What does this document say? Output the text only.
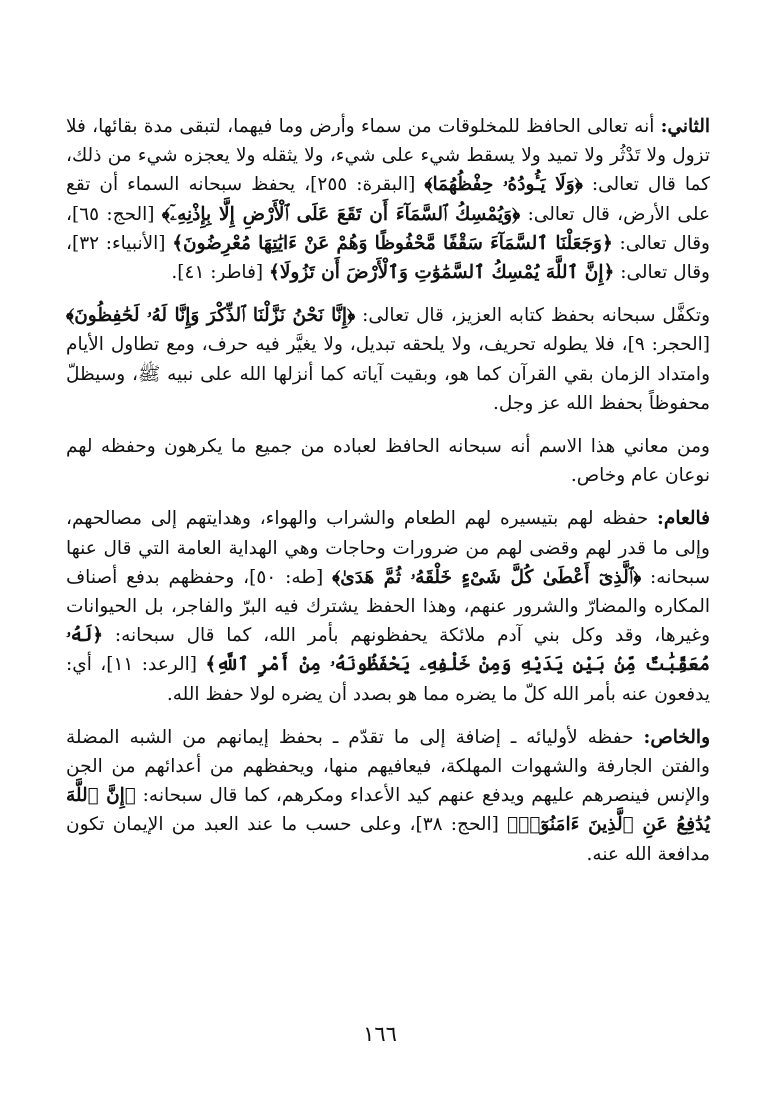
الثاني: أنه تعالى الحافظ للمخلوقات من سماء وأرض وما فيهما، لتبقى مدة بقائها، فلا تزول ولا تَدْثُر ولا تميد ولا يسقط شيء على شيء، ولا يثقله ولا يعجزه شيء من ذلك، كما قال تعالى: ﴿وَلَا يَـُٔودُهُۥ حِفْظُهُمَا﴾ [البقرة: ٢٥٥]، يحفظ سبحانه السماء أن تقع على الأرض، قال تعالى: ﴿وَيُمْسِكُ ٱلسَّمَآءَ أَن تَقَعَ عَلَى ٱلْأَرْضِ إِلَّا بِإِذْنِهِۦٓ﴾ [الحج: ٦٥]، وقال تعالى: ﴿وَجَعَلْنَا ٱلسَّمَآءَ سَقْفًا مَّحْفُوظًا وَهُمْ عَنْ ءَايَٰتِهَا مُعْرِضُونَ﴾ [الأنبياء: ٣٢]، وقال تعالى: ﴿إِنَّ ٱللَّهَ يُمْسِكُ ٱلسَّمَٰوَٰتِ وَٱلْأَرْضَ أَن تَزُولَا﴾ [فاطر: ٤١].

وتكفَّل سبحانه بحفظ كتابه العزيز، قال تعالى: ﴿إِنَّا نَحْنُ نَزَّلْنَا ٱلذِّكْرَ وَإِنَّا لَهُۥ لَحَٰفِظُونَ﴾ [الحجر: ٩]، فلا يطوله تحريف، ولا يلحقه تبديل، ولا يغيَّر فيه حرف، ومع تطاول الأيام وامتداد الزمان بقي القرآن كما هو، وبقيت آياته كما أنزلها الله على نبيه ﷺ، وسيظلّ محفوظاً بحفظ الله عز وجل.

ومن معاني هذا الاسم أنه سبحانه الحافظ لعباده من جميع ما يكرهون وحفظه لهم نوعان عام وخاص.

فالعام: حفظه لهم بتيسيره لهم الطعام والشراب والهواء، وهدايتهم إلى مصالحهم، وإلى ما قدر لهم وقضى لهم من ضرورات وحاجات وهي الهداية العامة التي قال عنها سبحانه: ﴿ٱلَّذِىٓ أَعْطَىٰ كُلَّ شَىْءٍ خَلْقَهُۥ ثُمَّ هَدَىٰ﴾ [طه: ٥٠]، وحفظهم بدفع أصناف المكاره والمضارّ والشرور عنهم، وهذا الحفظ يشترك فيه البرّ والفاجر، بل الحيوانات وغيرها، وقد وكل بني آدم ملائكة يحفظونهم بأمر الله، كما قال سبحانه: ﴿لَهُۥ مُعَقِّبَٰتٌ مِّنۢ بَيْنِ يَدَيْهِ وَمِنْ خَلْفِهِۦ يَحْفَظُونَهُۥ مِنْ أَمْرِ ٱللَّهِ﴾ [الرعد: ١١]، أي: يدفعون عنه بأمر الله كلّ ما يضره مما هو بصدد أن يضره لولا حفظ الله.

والخاص: حفظه لأوليائه ـ إضافة إلى ما تقدّم ـ بحفظ إيمانهم من الشبه المضلة والفتن الجارفة والشهوات المهلكة، فيعافيهم منها، ويحفظهم من أعدائهم من الجن والإنس فينصرهم عليهم ويدفع عنهم كيد الأعداء ومكرهم، كما قال سبحانه: ﴿إِنَّ ٱللَّهَ يُدَٰفِعُ عَنِ ٱلَّذِينَ ءَامَنُوٓا۟﴾ [الحج: ٣٨]، وعلى حسب ما عند العبد من الإيمان تكون مدافعة الله عنه.

١٦٦
